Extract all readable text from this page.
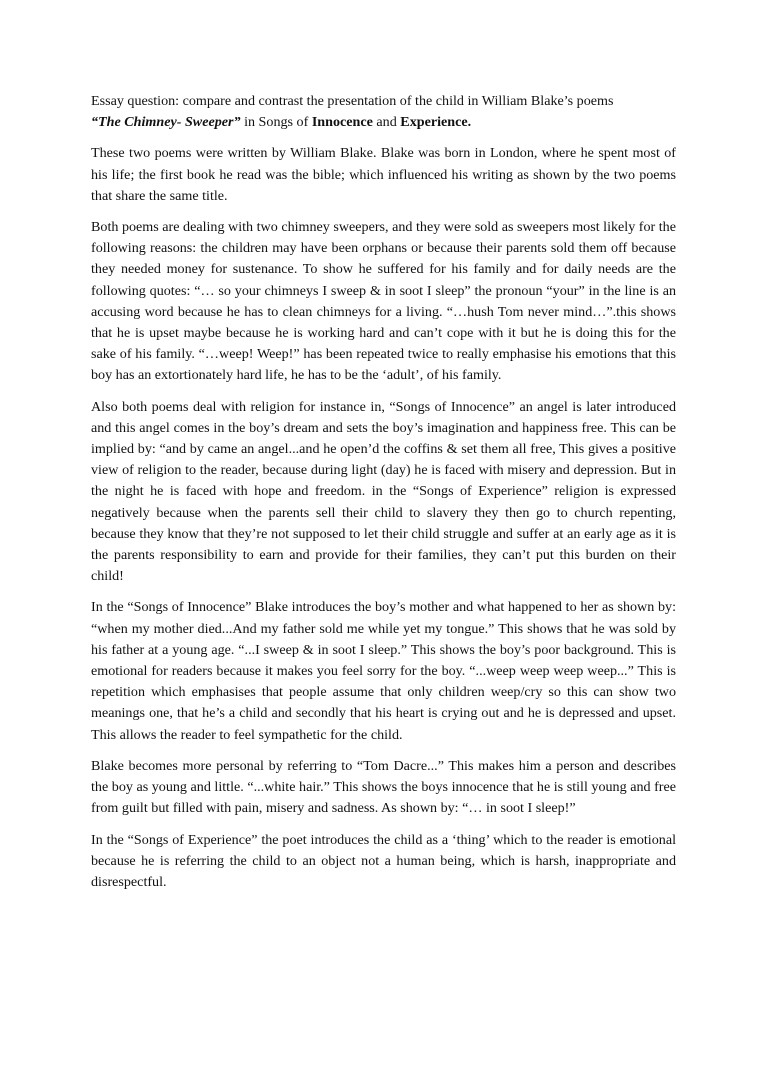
Essay question: compare and contrast the presentation of the child in William Blake’s poems
“The Chimney- Sweeper” in Songs of Innocence and Experience.

These two poems were written by William Blake. Blake was born in London, where he spent most of his life; the first book he read was the bible; which influenced his writing as shown by the two poems that share the same title.

Both poems are dealing with two chimney sweepers, and they were sold as sweepers most likely for the following reasons: the children may have been orphans or because their parents sold them off because they needed money for sustenance. To show he suffered for his family and for daily needs are the following quotes: “… so your chimneys I sweep & in soot I sleep” the pronoun “your” in the line is an accusing word because he has to clean chimneys for a living. “…hush Tom never mind…”.this shows that he is upset maybe because he is working hard and can’t cope with it but he is doing this for the sake of his family. “…weep! Weep!” has been repeated twice to really emphasise his emotions that this boy has an extortionately hard life, he has to be the ‘adult’, of his family.

Also both poems deal with religion for instance in, “Songs of Innocence” an angel is later introduced and this angel comes in the boy’s dream and sets the boy’s imagination and happiness free. This can be implied by: “and by came an angel...and he open’d the coffins & set them all free, This gives a positive view of religion to the reader, because during light (day) he is faced with misery and depression. But in the night he is faced with hope and freedom. in the “Songs of Experience” religion is expressed negatively because when the parents sell their child to slavery they then go to church repenting, because they know that they’re not supposed to let their child struggle and suffer at an early age as it is the parents responsibility to earn and provide for their families, they can’t put this burden on their child!

In the “Songs of Innocence” Blake introduces the boy’s mother and what happened to her as shown by: “when my mother died...And my father sold me while yet my tongue.” This shows that he was sold by his father at a young age. “...I sweep & in soot I sleep.” This shows the boy’s poor background. This is emotional for readers because it makes you feel sorry for the boy. “...weep weep weep weep...” This is repetition which emphasises that people assume that only children weep/cry so this can show two meanings one, that he’s a child and secondly that his heart is crying out and he is depressed and upset. This allows the reader to feel sympathetic for the child.

Blake becomes more personal by referring to “Tom Dacre...” This makes him a person and describes the boy as young and little. “...white hair.” This shows the boys innocence that he is still young and free from guilt but filled with pain, misery and sadness. As shown by: “… in soot I sleep!”

In the “Songs of Experience” the poet introduces the child as a ‘thing’ which to the reader is emotional because he is referring the child to an object not a human being, which is harsh, inappropriate and disrespectful.
